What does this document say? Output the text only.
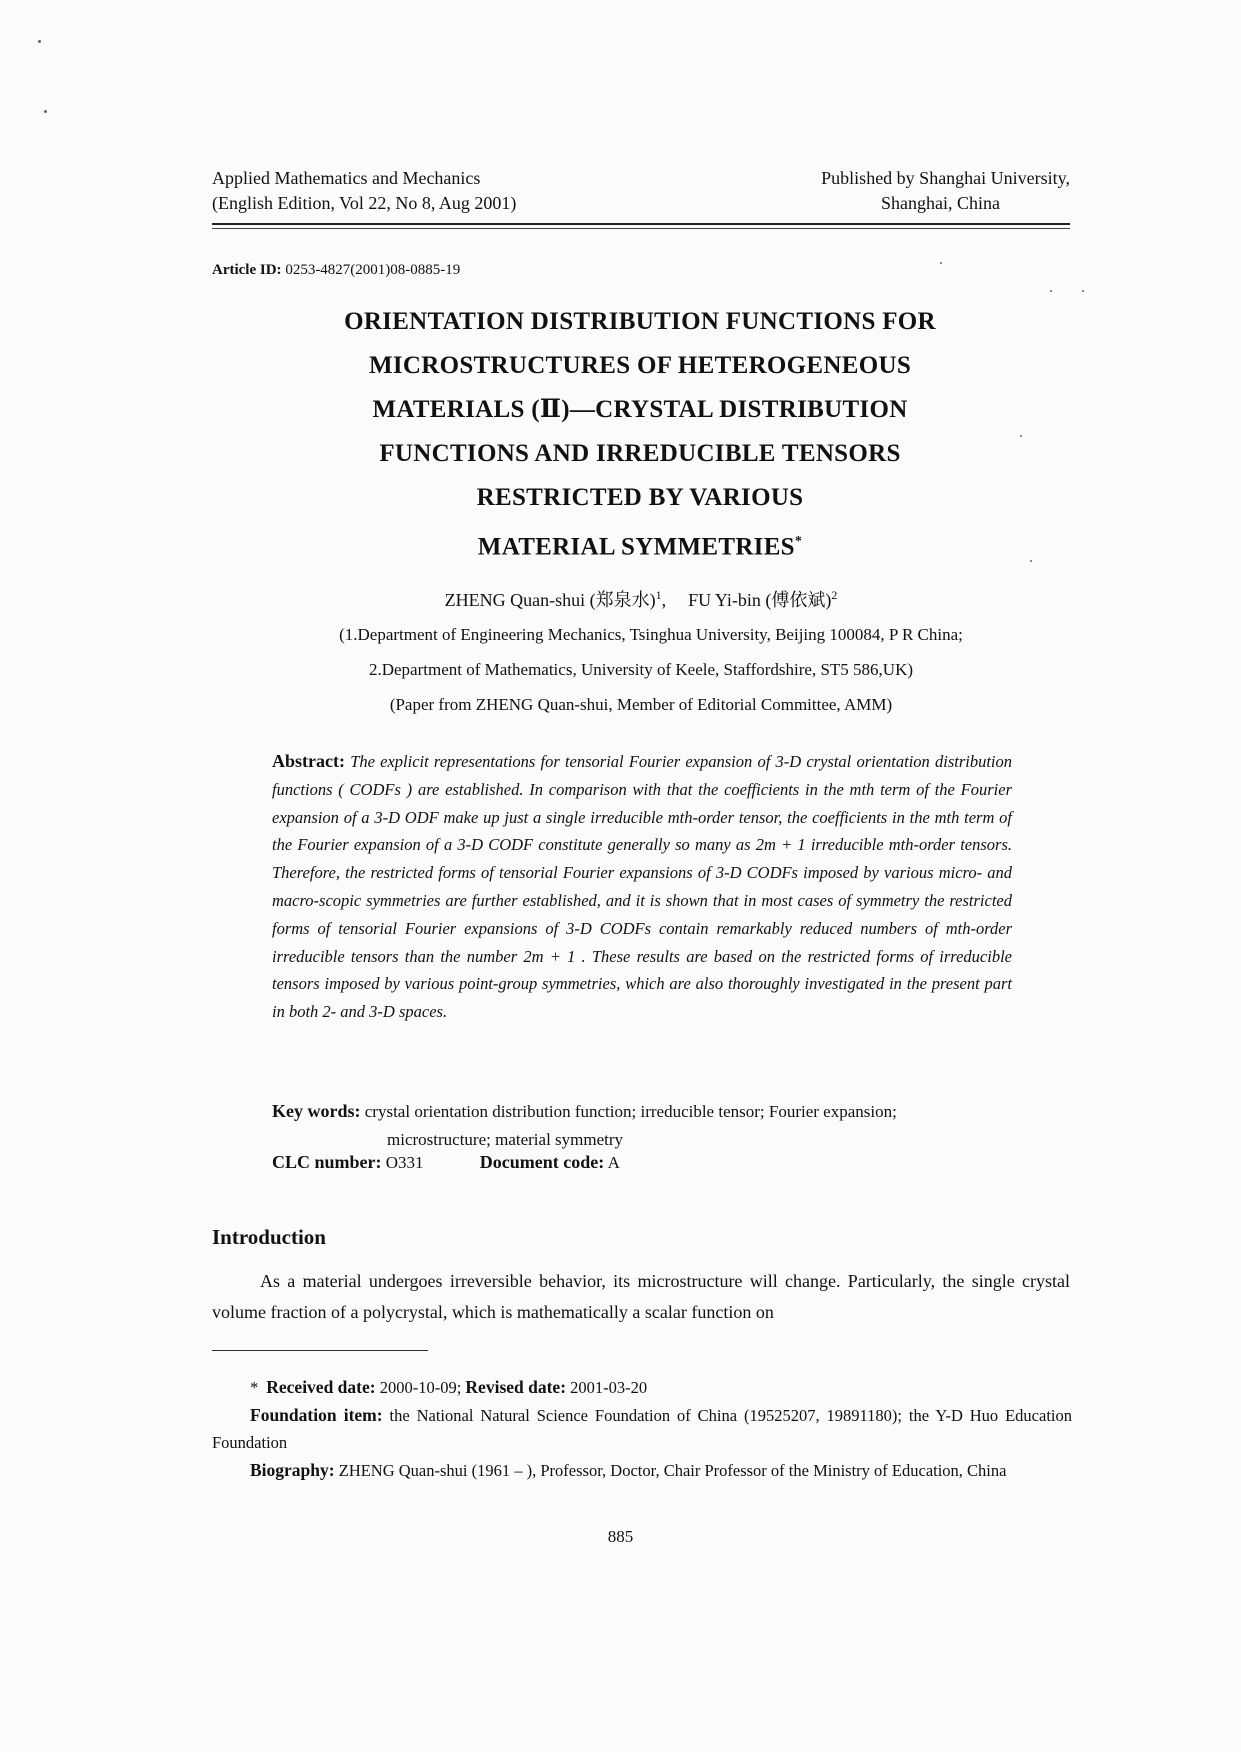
Applied Mathematics and Mechanics
(English Edition, Vol 22, No 8, Aug 2001)
Published by Shanghai University,
Shanghai, China
Article ID: 0253-4827(2001)08-0885-19
ORIENTATION DISTRIBUTION FUNCTIONS FOR
MICROSTRUCTURES OF HETEROGENEOUS
MATERIALS (Ⅱ)—CRYSTAL DISTRIBUTION
FUNCTIONS AND IRREDUCIBLE TENSORS
RESTRICTED BY VARIOUS
MATERIAL SYMMETRIES*
ZHENG Quan-shui (郑泉水)$^1$, FU Yi-bin (傅依斌)$^2$
(1.Department of Engineering Mechanics, Tsinghua University, Beijing 100084, P R China;
2.Department of Mathematics, University of Keele, Staffordshire, ST5 586,UK)
(Paper from ZHENG Quan-shui, Member of Editorial Committee, AMM)
Abstract: The explicit representations for tensorial Fourier expansion of 3-D crystal orientation distribution functions ( CODFs ) are established. In comparison with that the coefficients in the mth term of the Fourier expansion of a 3-D ODF make up just a single irreducible mth-order tensor, the coefficients in the mth term of the Fourier expansion of a 3-D CODF constitute generally so many as 2m + 1 irreducible mth-order tensors. Therefore, the restricted forms of tensorial Fourier expansions of 3-D CODFs imposed by various micro- and macro-scopic symmetries are further established, and it is shown that in most cases of symmetry the restricted forms of tensorial Fourier expansions of 3-D CODFs contain remarkably reduced numbers of mth-order irreducible tensors than the number 2m + 1 . These results are based on the restricted forms of irreducible tensors imposed by various point-group symmetries, which are also thoroughly investigated in the present part in both 2- and 3-D spaces.
Key words: crystal orientation distribution function; irreducible tensor; Fourier expansion;
microstructure; material symmetry
CLC number: O331	Document code: A
Introduction
As a material undergoes irreversible behavior, its microstructure will change. Particularly, the single crystal volume fraction of a polycrystal, which is mathematically a scalar function on
* Received date: 2000-10-09; Revised date: 2001-03-20
Foundation item: the National Natural Science Foundation of China (19525207, 19891180); the Y-D Huo Education Foundation
Biography: ZHENG Quan-shui (1961 – ), Professor, Doctor, Chair Professor of the Ministry of Education, China
885
